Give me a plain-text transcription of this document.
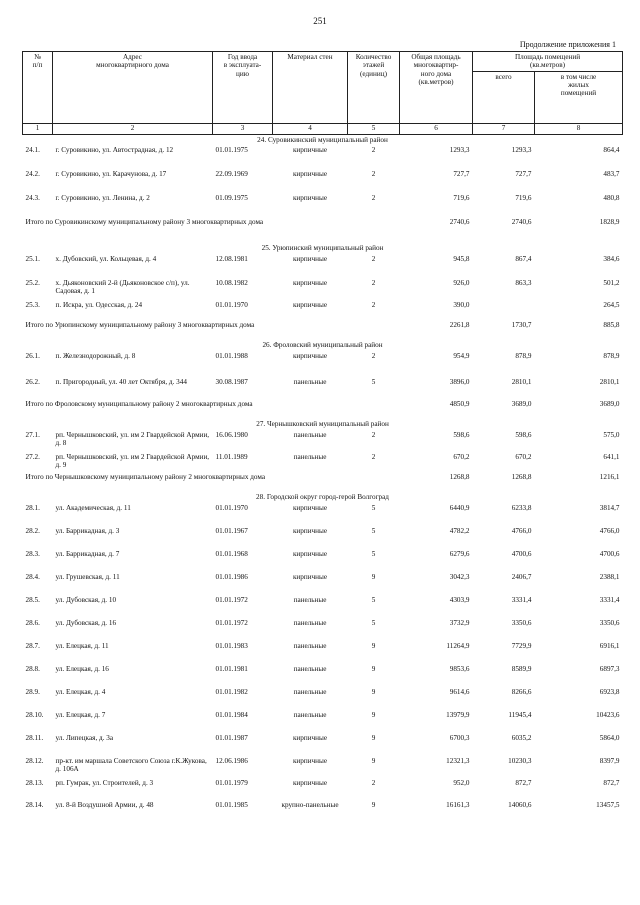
251
Продолжение приложения 1
№
п/п	Адрес
многоквартирного дома	Год ввода
в эксплуата-
цию	Материал стен	Количество
этажей
(единиц)	Общая площадь
многоквартир-
ного дома
(кв.метров)	Площадь помещений
(кв.метров)	
						всего	в том числе
жилых
помещений
1	2	3	4	5	6	7	8
24. Суровикинский муниципальный район							
24.1.	г. Суровикино, ул. Автострадная, д. 12	01.01.1975	кирпичные	2	1293,3	1293,3	864,4
24.2.	г. Суровикино, ул. Карачунова, д. 17	22.09.1969	кирпичные	2	727,7	727,7	483,7
24.3.	г. Суровикино, ул. Ленина, д. 2	01.09.1975	кирпичные	2	719,6	719,6	480,8
Итого по Суровикинскому муниципальному району 3 многоквартирных дома					2740,6	2740,6	1828,9
25. Урюпинский муниципальный район							
25.1.	х. Дубовский, ул. Кольцевая, д. 4	12.08.1981	кирпичные	2	945,8	867,4	384,6
25.2.	х. Дьяконовский 2-й (Дьяконовское с/п), ул. Садовая, д. 1	10.08.1982	кирпичные	2	926,0	863,3	501,2
25.3.	п. Искра, ул. Одесская, д. 24	01.01.1970	кирпичные	2	390,0		264,5
Итого по Урюпинскому муниципальному району 3 многоквартирных дома					2261,8	1730,7	885,8
26. Фроловский муниципальный район							
26.1.	п. Железнодорожный, д. 8	01.01.1988	кирпичные	2	954,9	878,9	878,9
26.2.	п. Пригородный, ул. 40 лет Октября, д. 344	30.08.1987	панельные	5	3896,0	2810,1	2810,1
Итого по Фроловскому муниципальному району 2 многоквартирных дома					4850,9	3689,0	3689,0
27. Чернышковский муниципальный район							
27.1.	рп. Чернышковский, ул. им 2 Гвардейской Армии, д. 8	16.06.1980	панельные	2	598,6	598,6	575,0
27.2.	рп. Чернышковский, ул. им 2 Гвардейской Армии, д. 9	11.01.1989	панельные	2	670,2	670,2	641,1
Итого по Чернышковскому муниципальному району 2 многоквартирных дома					1268,8	1268,8	1216,1
28. Городской округ город-герой Волгоград							
28.1.	ул. Академическая, д. 11	01.01.1970	кирпичные	5	6440,9	6233,8	3814,7
28.2.	ул. Баррикадная, д. 3	01.01.1967	кирпичные	5	4782,2	4766,0	4766,0
28.3.	ул. Баррикадная, д. 7	01.01.1968	кирпичные	5	6279,6	4700,6	4700,6
28.4.	ул. Грушевская, д. 11	01.01.1986	кирпичные	9	3042,3	2406,7	2388,1
28.5.	ул. Дубовская, д. 10	01.01.1972	панельные	5	4303,9	3331,4	3331,4
28.6.	ул. Дубовская, д. 16	01.01.1972	панельные	5	3732,9	3350,6	3350,6
28.7.	ул. Елецкая, д. 11	01.01.1983	панельные	9	11264,9	7729,9	6916,1
28.8.	ул. Елецкая, д. 16	01.01.1981	панельные	9	9853,6	8589,9	6897,3
28.9.	ул. Елецкая, д. 4	01.01.1982	панельные	9	9614,6	8266,6	6923,8
28.10.	ул. Елецкая, д. 7	01.01.1984	панельные	9	13979,9	11945,4	10423,6
28.11.	ул. Липецкая, д. 3а	01.01.1987	кирпичные	9	6700,3	6035,2	5864,0
28.12.	пр-кт. им маршала Советского Союза г.К.Жукова, д. 106А	12.06.1986	кирпичные	9	12321,3	10230,3	8397,9
28.13.	рп. Гумрак, ул. Строителей, д. 3	01.01.1979	кирпичные	2	952,0	872,7	872,7
28.14.	ул. 8-й Воздушной Армии, д. 48	01.01.1985	крупно-панельные	9	16161,3	14060,6	13457,5
